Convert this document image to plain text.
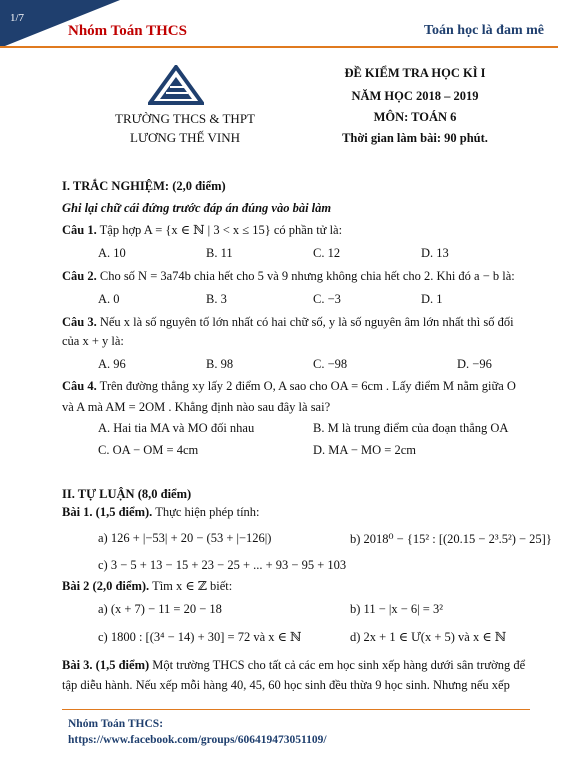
1/7
Nhóm Toán THCS	Toán học là đam mê
TRƯỜNG THCS & THPT
LƯƠNG THẾ VINH
ĐỀ KIỂM TRA HỌC KÌ I
NĂM HỌC 2018 – 2019
MÔN: TOÁN 6
Thời gian làm bài: 90 phút.
I. TRẮC NGHIỆM: (2,0 điểm)
Ghi lại chữ cái đứng trước đáp án đúng vào bài làm
Câu 1. Tập hợp A = {x ∈ ℕ | 3 < x ≤ 15} có phần tử là:
A. 10	B. 11	C. 12	D. 13
Câu 2. Cho số N = 3a74b chia hết cho 5 và 9 nhưng không chia hết cho 2. Khi đó a − b là:
A. 0	B. 3	C. −3	D. 1
Câu 3. Nếu x là số nguyên tố lớn nhất có hai chữ số, y là số nguyên âm lớn nhất thì số đối
của x + y là:
A. 96	B. 98	C. −98	D. −96
Câu 4. Trên đường thẳng xy lấy 2 điểm O, A sao cho OA = 6cm . Lấy điểm M nằm giữa O
và A mà AM = 2OM . Khẳng định nào sau đây là sai?
A. Hai tia MA và MO đối nhau	B. M là trung điểm của đoạn thẳng OA
C. OA − OM = 4cm	D. MA − MO = 2cm
II. TỰ LUẬN (8,0 điểm)
Bài 1. (1,5 điểm). Thực hiện phép tính:
a) 126 + |−53| + 20 − (53 + |−126|)	b) 2018⁰ − {15² : [(20.15 − 2³.5²) − 25]}
c) 3 − 5 + 13 − 15 + 23 − 25 + ... + 93 − 95 + 103
Bài 2 (2,0 điểm). Tìm x ∈ ℤ biết:
a) (x + 7) − 11 = 20 − 18	b) 11 − |x − 6| = 3²
c) 1800 : [(3⁴ − 14) + 30] = 72 và x ∈ ℕ	d) 2x + 1 ∈ Ư(x + 5) và x ∈ ℕ
Bài 3. (1,5 điểm) Một trường THCS cho tất cả các em học sinh xếp hàng dưới sân trường để
tập diễu hành. Nếu xếp mỗi hàng 40, 45, 60 học sinh đều thừa 9 học sinh. Nhưng nếu xếp
Nhóm Toán THCS:
https://www.facebook.com/groups/606419473051109/
